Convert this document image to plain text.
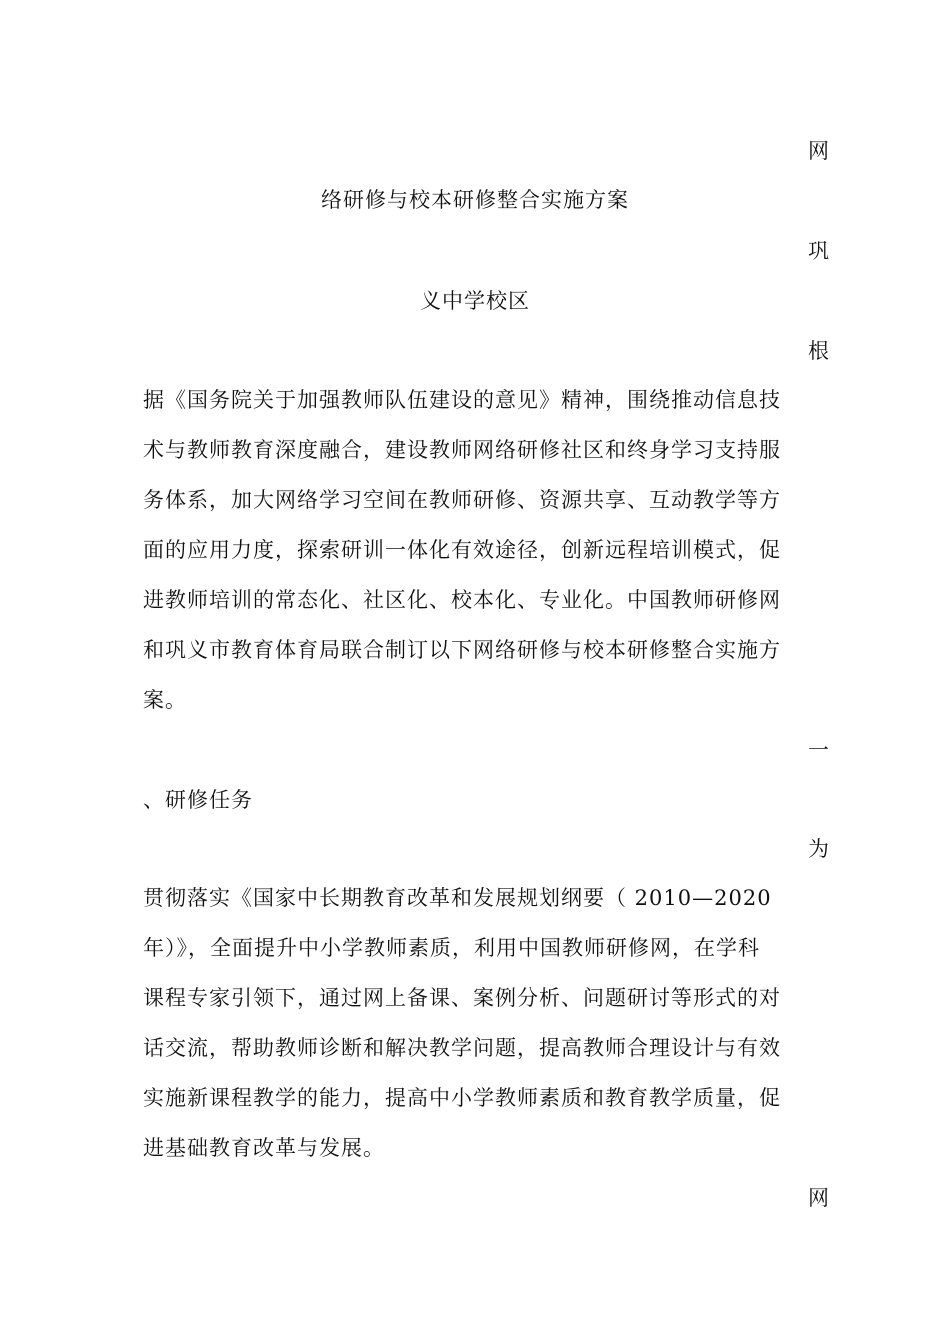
网
络研修与校本研修整合实施方案
巩
义中学校区
根
据《国务院关于加强教师队伍建设的意见》精神，围绕推动信息技
术与教师教育深度融合，建设教师网络研修社区和终身学习支持服
务体系，加大网络学习空间在教师研修、资源共享、互动教学等方
面的应用力度，探索研训一体化有效途径，创新远程培训模式，促
进教师培训的常态化、社区化、校本化、专业化。中国教师研修网
和巩义市教育体育局联合制订以下网络研修与校本研修整合实施方
案。
一
、研修任务
为
贯彻落实《国家中长期教育改革和发展规划纲要（ 2010—2020
年）》，全面提升中小学教师素质，利用中国教师研修网，在学科
课程专家引领下，通过网上备课、案例分析、问题研讨等形式的对
话交流，帮助教师诊断和解决教学问题，提高教师合理设计与有效
实施新课程教学的能力，提高中小学教师素质和教育教学质量，促
进基础教育改革与发展。
网
